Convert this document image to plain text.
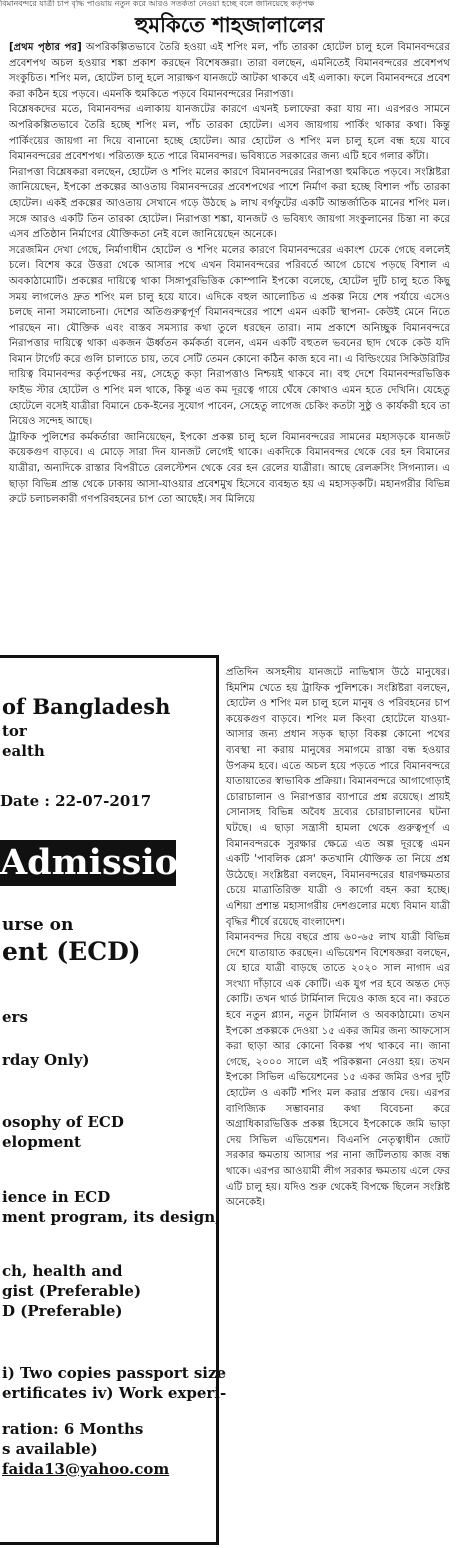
বিমানবন্দরে যাত্রী চাপ বৃদ্ধি পাওয়ায় নতুন করে আরও সতর্কতা নেওয়া হচ্ছে বলে জানিয়েছে কর্তৃপক্ষ
হুমকিতে শাহজালালের

[প্রথম পৃষ্ঠার পর] অপরিকল্পিতভাবে তৈরি হওয়া এই শপিং মল, পাঁচ তারকা হোটেল চালু হলে বিমানবন্দরের প্রবেশপথ অচল হওয়ার শঙ্কা প্রকাশ করছেন বিশেষজ্ঞরা। তারা বলছেন, এমনিতেই বিমানবন্দরের প্রবেশপথ সংকুচিত। শপিং মল, হোটেল চালু হলে সারাক্ষণ যানজটে আটকা থাকবে এই এলাকা। ফলে বিমানবন্দরে প্রবেশ করা কঠিন হয়ে পড়বে। এমনকি হুমকিতে পড়বে বিমানবন্দরের নিরাপত্তা।

বিশ্লেষকদের মতে, বিমানবন্দর এলাকায় যানজটের কারণে এখনই চলাফেরা করা যায় না। এরপরও সামনে অপরিকল্পিতভাবে তৈরি হচ্ছে শপিং মল, পাঁচ তারকা হোটেল। এসব জায়গায় পার্কিং থাকার কথা। কিন্তু পার্কিংয়ের জায়গা না দিয়ে বানানো হচ্ছে হোটেল। আর হোটেল ও শপিং মল চালু হলে বন্ধ হয়ে যাবে বিমানবন্দরের প্রবেশপথ। পরিত্যক্ত হতে পারে বিমানবন্দর। ভবিষ্যতে সরকারের জন্য এটি হবে গলার কাঁটা।

নিরাপত্তা বিশ্লেষকরা বলছেন, হোটেল ও শপিং মলের কারণে বিমানবন্দরের নিরাপত্তা হুমকিতে পড়বে। সংশ্লিষ্টরা জানিয়েছেন, ইপকো প্রকল্পের আওতায় বিমানবন্দরের প্রবেশপথের পাশে নির্মাণ করা হচ্ছে বিশাল পাঁচ তারকা হোটেল। একই প্রকল্পের আওতায় সেখানে গড়ে উঠছে ৯ লাখ বর্গফুটের একটি আন্তর্জাতিক মানের শপিং মল। সঙ্গে আরও একটি তিন তারকা হোটেল। নিরাপত্তা শঙ্কা, যানজট ও ভবিষ্যৎ জায়গা সংকুলানের চিন্তা না করে এসব প্রতিষ্ঠান নির্মাণের যৌক্তিকতা নেই বলে জানিয়েছেন অনেকে।

সরেজমিন দেখা গেছে, নির্মাণাধীন হোটেল ও শপিং মলের কারণে বিমানবন্দরের একাংশ ঢেকে গেছে বললেই চলে। বিশেষ করে উত্তরা থেকে আসার পথে এখন বিমানবন্দরের পরিবর্তে আগে চোখে পড়ছে বিশাল এ অবকাঠামোটি। প্রকল্পের দায়িত্বে থাকা সিঙ্গাপুরভিত্তিক কোম্পানি ইপকো বলেছে, হোটেল দুটি চালু হতে কিছু সময় লাগলেও দ্রুত শপিং মল চালু হয়ে যাবে। এদিকে বহুল আলোচিত এ প্রকল্প নিয়ে শেষ পর্যায়ে এসেও চলছে নানা সমালোচনা। দেশের অতিগুরুত্বপূর্ণ বিমানবন্দরের পাশে এমন একটি স্থাপনা- কেউই মেনে নিতে পারছেন না। যৌক্তিক এবং বাস্তব সমস্যার কথা তুলে ধরছেন তারা। নাম প্রকাশে অনিচ্ছুক বিমানবন্দরে নিরাপত্তার দায়িত্বে থাকা একজন ঊর্ধ্বতন কর্মকর্তা বলেন, এমন একটি বহুতল ভবনের ছাদ থেকে কেউ যদি বিমান টার্গেট করে গুলি চালাতে চায়, তবে সেটি তেমন কোনো কঠিন কাজ হবে না। এ বিল্ডিংয়ের সিকিউরিটির দায়িত্ব বিমানবন্দর কর্তৃপক্ষের নয়, সেহেতু কড়া নিরাপত্তাও নিশ্চয়ই থাকবে না। বহু দেশে বিমানবন্দরভিত্তিক ফাইভ স্টার হোটেল ও শপিং মল থাকে, কিন্তু এত কম দূরত্বে গায়ে ঘেঁষে কোথাও এমন হতে দেখিনি। যেহেতু হোটেলে বসেই যাত্রীরা বিমানে চেক-ইনের সুযোগ পাবেন, সেহেতু লাগেজ চেকিং কতটা সুষ্ঠু ও কার্যকরী হবে তা নিয়েও সন্দেহ আছে।

ট্রাফিক পুলিশের কর্মকর্তারা জানিয়েছেন, ইপকো প্রকল্প চালু হলে বিমানবন্দরের সামনের মহাসড়কে যানজট কয়েকগুণ বাড়বে। এ মোড়ে সারা দিন যানজট লেগেই থাকে। একদিকে বিমানবন্দর থেকে বের হন বিমানের যাত্রীরা, অন্যদিকে রাস্তার বিপরীতে রেলস্টেশন থেকে বের হন রেলের যাত্রীরা। আছে রেলক্রসিং সিগন্যাল। এ ছাড়া বিভিন্ন প্রান্ত থেকে ঢাকায় আসা-যাওয়ার প্রবেশমুখ হিসেবে ব্যবহৃত হয় এ মহাসড়কটি। মহানগরীর বিভিন্ন রুটে চলাচলকারী গণপরিবহনের চাপ তো আছেই। সব মিলিয়ে

of Bangladesh
tor
ealth
Date : 22-07-2017
Admission
urse on
ent (ECD)
ers
rday Only)
osophy of ECD
elopment
ience in ECD
ment program, its design,
ch, health and
gist (Preferable)
D (Preferable)
i) Two copies passport size
ertificates iv) Work experi-
ration: 6 Months
s available)
faida13@yahoo.com

প্রতিদিন অসহনীয় যানজটে নাভিশ্বাস উঠে মানুষের। হিমশিম খেতে হয় ট্রাফিক পুলিশকে। সংশ্লিষ্টরা বলছেন, হোটেল ও শপিং মল চালু হলে মানুষ ও পরিবহনের চাপ কয়েকগুণ বাড়বে। শপিং মল কিংবা হোটেলে যাওয়া-আসার জন্য প্রধান সড়ক ছাড়া বিকল্প কোনো পথের ব্যবস্থা না করায় মানুষের সমাগমে রাস্তা বন্ধ হওয়ার উপক্রম হবে। এতে অচল হয়ে পড়তে পারে বিমানবন্দরে যাতায়াতের স্বাভাবিক প্রক্রিয়া। বিমানবন্দরে আগাগোড়াই চোরাচালান ও নিরাপত্তার ব্যাপারে প্রশ্ন রয়েছে। প্রায়ই সোনাসহ বিভিন্ন অবৈধ দ্রব্যের চোরাচালানের ঘটনা ঘটছে। এ ছাড়া সন্ত্রাসী হামলা থেকে গুরুত্বপূর্ণ এ বিমানবন্দরকে সুরক্ষার ক্ষেত্রে এত অল্প দূরত্বে এমন একটি 'পাবলিক প্লেস' কতখানি যৌক্তিক তা নিয়ে প্রশ্ন উঠেছে। সংশ্লিষ্টরা বলছেন, বিমানবন্দরের ধারণক্ষমতার চেয়ে মাত্রাতিরিক্ত যাত্রী ও কার্গো বহন করা হচ্ছে। এশিয়া প্রশান্ত মহাসাগরীয় দেশগুলোর মধ্যে বিমান যাত্রী বৃদ্ধির শীর্ষে রয়েছে বাংলাদেশ।

বিমানবন্দর দিয়ে বছরে প্রায় ৬০-৬৫ লাখ যাত্রী বিভিন্ন দেশে যাতায়াত করছেন। এভিয়েশন বিশেষজ্ঞরা বলছেন, যে হারে যাত্রী বাড়ছে তাতে ২০২০ সাল নাগাদ এর সংখ্যা দাঁড়াবে এক কোটি। এক যুগ পর হবে অন্তত দেড় কোটি। তখন থার্ড টার্মিনাল দিয়েও কাজ হবে না। করতে হবে নতুন প্ল্যান, নতুন টার্মিনাল ও অবকাঠামো। তখন ইপকো প্রকল্পকে দেওয়া ১৫ একর জমির জন্য আফসোস করা ছাড়া আর কোনো বিকল্প পথ থাকবে না। জানা গেছে, ২০০০ সালে এই পরিকল্পনা নেওয়া হয়। তখন ইপকো সিভিল এভিয়েশনের ১৫ একর জমির ওপর দুটি হোটেল ও একটি শপিং মল করার প্রস্তাব দেয়। এরপর বাণিজ্যিক সম্ভাবনার কথা বিবেচনা করে অগ্রাধিকারভিত্তিক প্রকল্প হিসেবে ইপকোকে জমি ভাড়া দেয় সিভিল এভিয়েশন। বিএনপি নেতৃত্বাধীন জোট সরকার ক্ষমতায় আসার পর নানা জটিলতায় কাজ বন্ধ থাকে। এরপর আওয়ামী লীগ সরকার ক্ষমতায় এলে ফের এটি চালু হয়। যদিও শুরু থেকেই বিপক্ষে ছিলেন সংশ্লিষ্ট অনেকেই।
